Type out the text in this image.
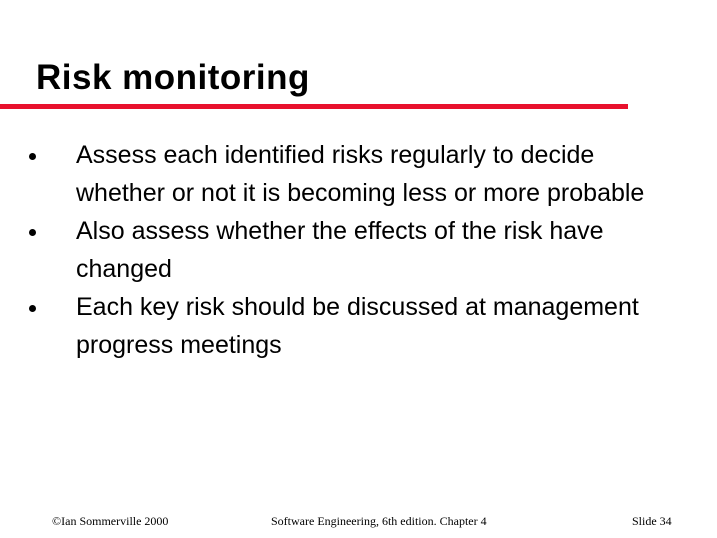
Risk monitoring
Assess each identified risks regularly to decide whether or not it is becoming less or more probable
Also assess whether the effects of the risk have changed
Each key risk should be discussed at management progress meetings
©Ian Sommerville 2000	Software Engineering, 6th edition. Chapter 4	Slide 34
